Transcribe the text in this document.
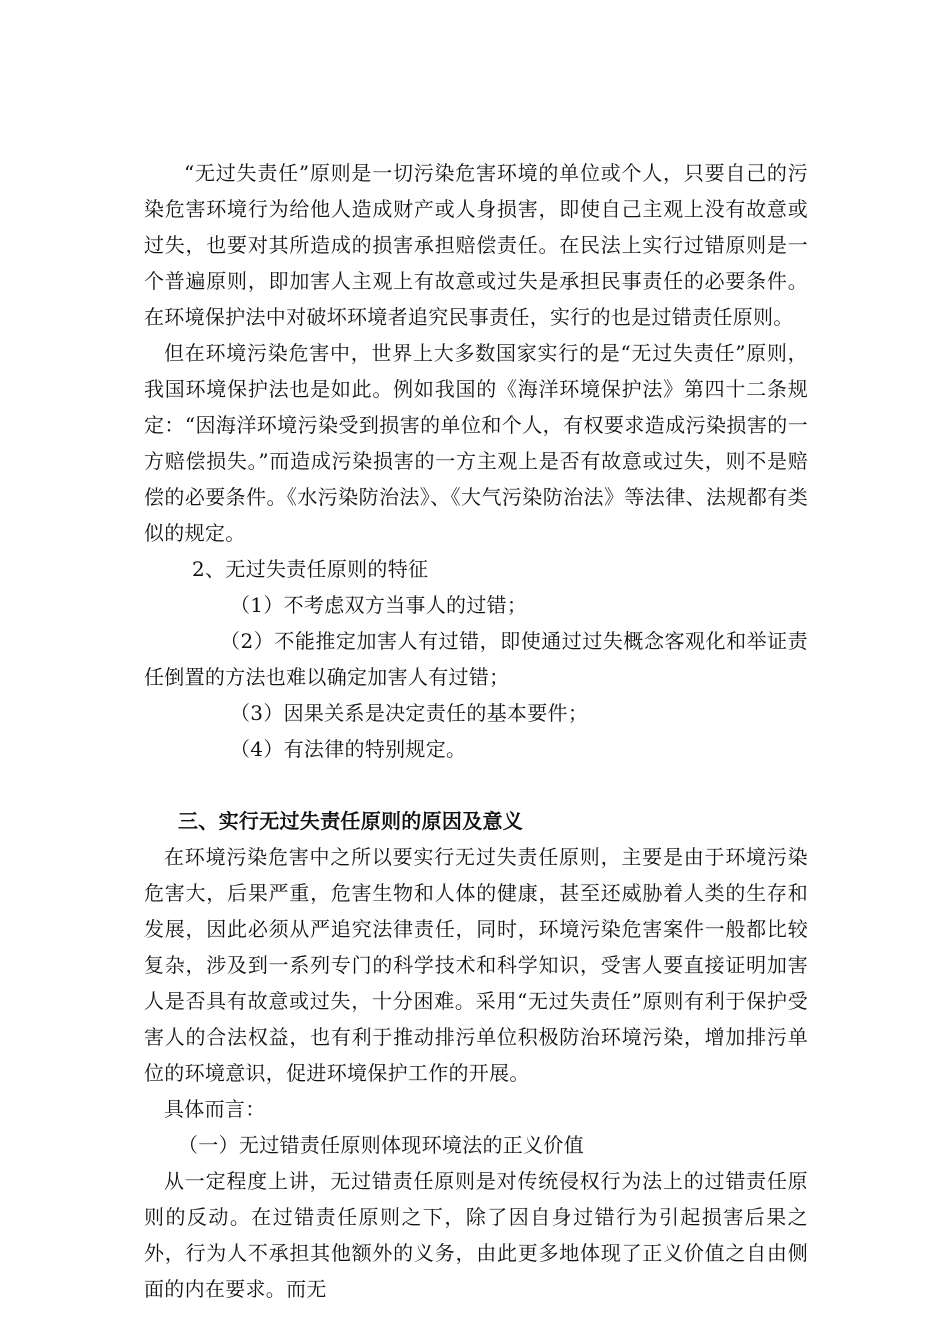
“无过失责任”原则是一切污染危害环境的单位或个人，只要自己的污染危害环境行为给他人造成财产或人身损害，即使自己主观上没有故意或过失，也要对其所造成的损害承担赔偿责任。在民法上实行过错原则是一个普遍原则，即加害人主观上有故意或过失是承担民事责任的必要条件。在环境保护法中对破坏环境者追究民事责任，实行的也是过错责任原则。

但在环境污染危害中，世界上大多数国家实行的是“无过失责任”原则，我国环境保护法也是如此。例如我国的《海洋环境保护法》第四十二条规定：“因海洋环境污染受到损害的单位和个人，有权要求造成污染损害的一方赔偿损失。”而造成污染损害的一方主观上是否有故意或过失，则不是赔偿的必要条件。《水污染防治法》、《大气污染防治法》等法律、法规都有类似的规定。

2、无过失责任原则的特征

（1）不考虑双方当事人的过错；

（2）不能推定加害人有过错，即使通过过失概念客观化和举证责任倒置的方法也难以确定加害人有过错；

（3）因果关系是决定责任的基本要件；

（4）有法律的特别规定。

三、实行无过失责任原则的原因及意义

在环境污染危害中之所以要实行无过失责任原则，主要是由于环境污染危害大，后果严重，危害生物和人体的健康，甚至还威胁着人类的生存和发展，因此必须从严追究法律责任，同时，环境污染危害案件一般都比较复杂，涉及到一系列专门的科学技术和科学知识，受害人要直接证明加害人是否具有故意或过失，十分困难。采用“无过失责任”原则有利于保护受害人的合法权益，也有利于推动排污单位积极防治环境污染，增加排污单位的环境意识，促进环境保护工作的开展。

具体而言：

（一）无过错责任原则体现环境法的正义价值

从一定程度上讲，无过错责任原则是对传统侵权行为法上的过错责任原则的反动。在过错责任原则之下，除了因自身过错行为引起损害后果之外，行为人不承担其他额外的义务，由此更多地体现了正义价值之自由侧面的内在要求。而无
